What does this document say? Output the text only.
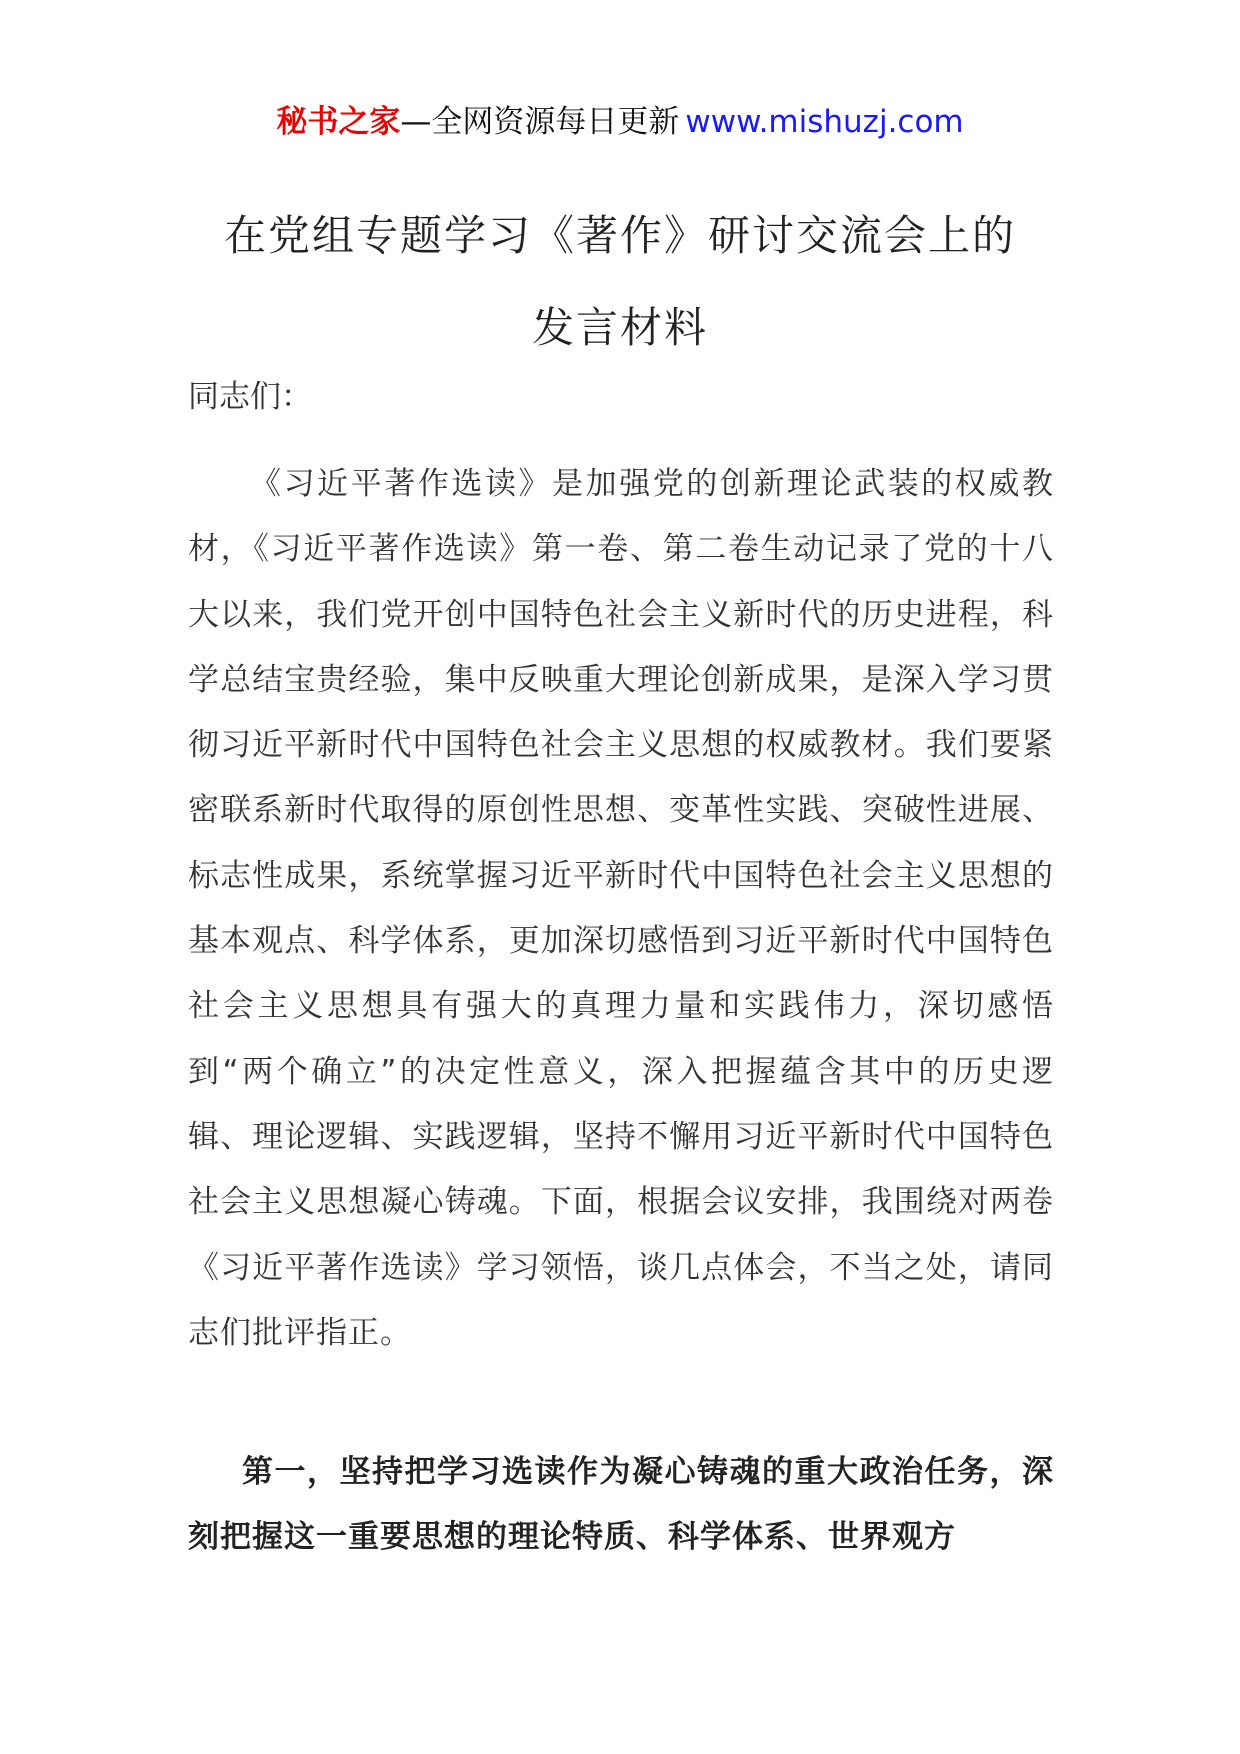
秘书之家—全网资源每日更新 www.mishuzj.com
在党组专题学习《著作》研讨交流会上的
发言材料
同志们：
《习近平著作选读》是加强党的创新理论武装的权威教材，《习近平著作选读》第一卷、第二卷生动记录了党的十八大以来，我们党开创中国特色社会主义新时代的历史进程，科学总结宝贵经验，集中反映重大理论创新成果，是深入学习贯彻习近平新时代中国特色社会主义思想的权威教材。我们要紧密联系新时代取得的原创性思想、变革性实践、突破性进展、标志性成果，系统掌握习近平新时代中国特色社会主义思想的基本观点、科学体系，更加深切感悟到习近平新时代中国特色社会主义思想具有强大的真理力量和实践伟力，深切感悟到“两个确立”的决定性意义，深入把握蕴含其中的历史逻辑、理论逻辑、实践逻辑，坚持不懈用习近平新时代中国特色社会主义思想凝心铸魂。下面，根据会议安排，我围绕对两卷《习近平著作选读》学习领悟，谈几点体会，不当之处，请同志们批评指正。
第一，坚持把学习选读作为凝心铸魂的重大政治任务，深刻把握这一重要思想的理论特质、科学体系、世界观方
